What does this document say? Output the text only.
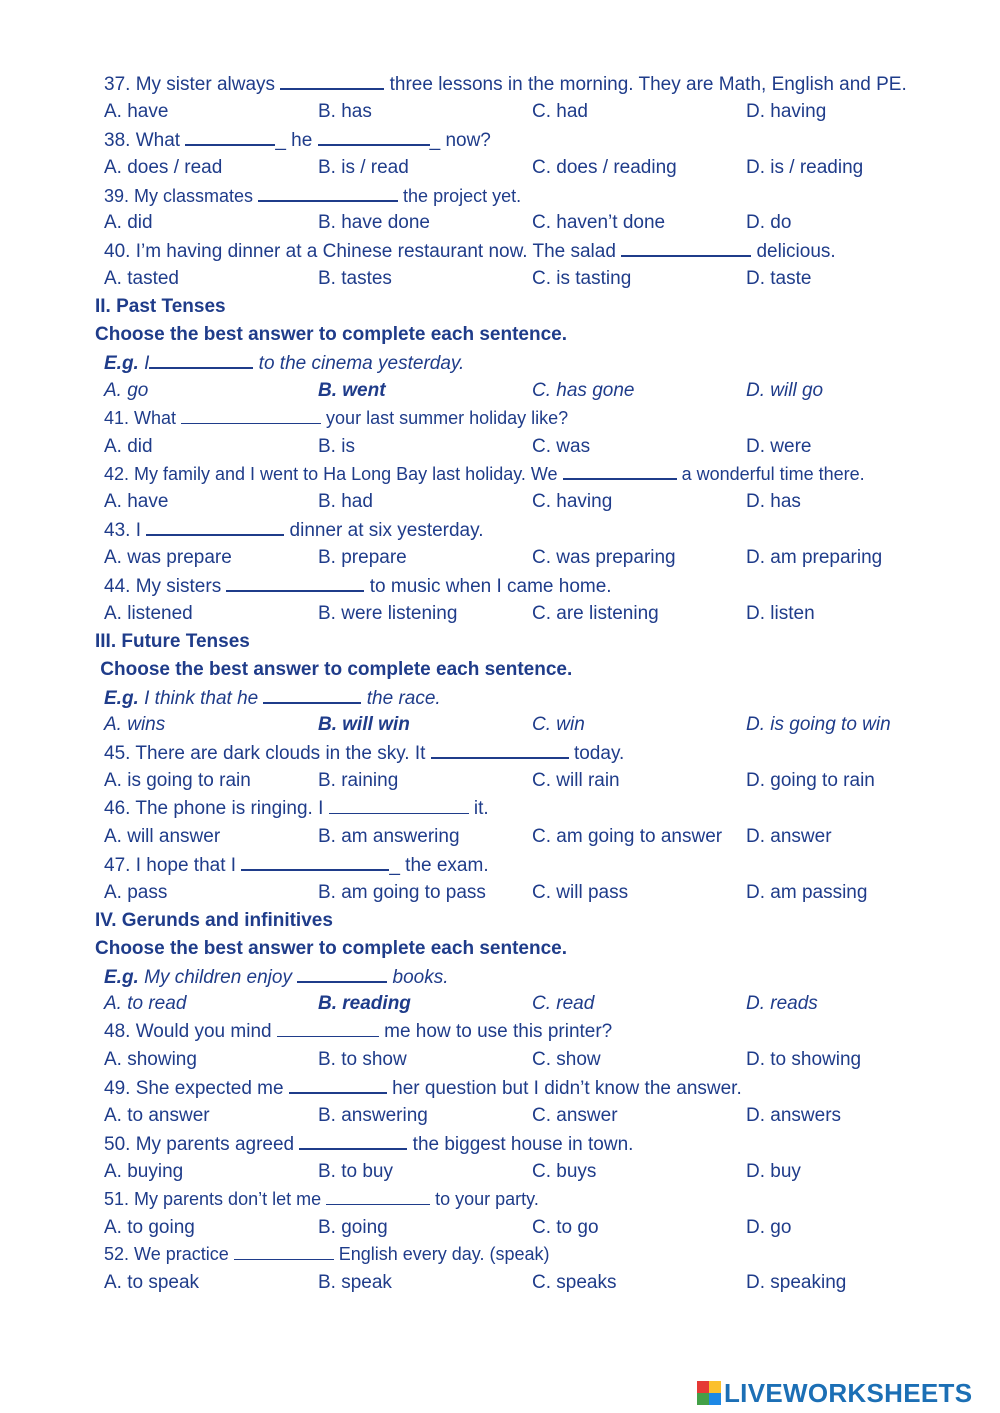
37. My sister always	three lessons in the morning. They are Math, English and PE.
A. have	B. has	C. had	D. having
38. What	_ he	_ now?
A. does / read	B. is / read	C. does / reading	D. is / reading
39. My classmates	the project yet.
A. did	B. have done	C. haven’t done	D. do
40. I’m having dinner at a Chinese restaurant now. The salad	delicious.
A. tasted	B. tastes	C. is tasting	D. taste
II. Past Tenses
Choose the best answer to complete each sentence.
E.g. I	to the cinema yesterday.
A. go	B. went	C. has gone	D. will go
41. What	your last summer holiday like?
A. did	B. is	C. was	D. were
42. My family and I went to Ha Long Bay last holiday. We	a wonderful time there.
A. have	B. had	C. having	D. has
43. I	dinner at six yesterday.
A. was prepare	B. prepare	C. was preparing	D. am preparing
44. My sisters	to music when I came home.
A. listened	B. were listening	C. are listening	D. listen
III. Future Tenses
Choose the best answer to complete each sentence.
E.g. I think that he	the race.
A. wins	B. will win	C. win	D. is going to win
45. There are dark clouds in the sky. It	today.
A. is going to rain	B. raining	C. will rain	D. going to rain
46. The phone is ringing. I	it.
A. will answer	B. am answering	C. am going to answer D. answer
47. I hope that I	_ the exam.
A. pass	B. am going to pass C. will pass	D. am passing
IV. Gerunds and infinitives
Choose the best answer to complete each sentence.
E.g. My children enjoy	books.
A. to read	B. reading	C. read	D. reads
48. Would you mind	me how to use this printer?
A. showing	B. to show	C. show	D. to showing
49. She expected me	her question but I didn’t know the answer.
A. to answer	B. answering	C. answer	D. answers
50. My parents agreed	the biggest house in town.
A. buying	B. to buy	C. buys	D. buy
51. My parents don’t let me	to your party.
A. to going	B. going	C. to go	D. go
52. We practice	English every day. (speak)
A. to speak	B. speak	C. speaks	D. speaking
LIVEWORKSHEETS
